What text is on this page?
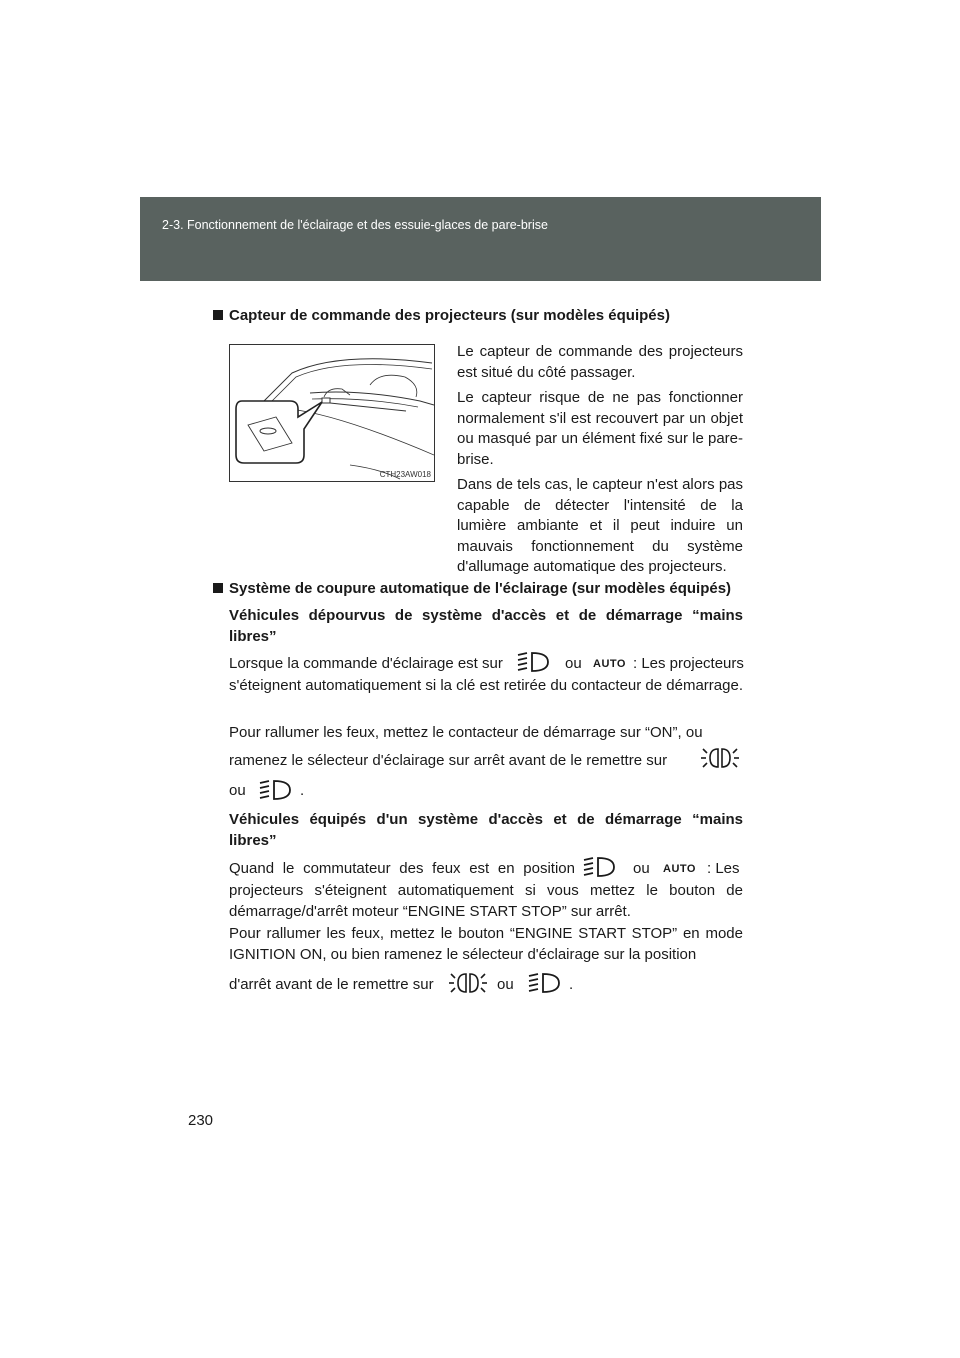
2-3. Fonctionnement de l'éclairage et des essuie-glaces de pare-brise
Capteur de commande des projecteurs (sur modèles équipés)
CTH23AW018

Le capteur de commande des projecteurs est situé du côté passager.

Le capteur risque de ne pas fonctionner normalement s'il est recouvert par un objet ou masqué par un élément fixé sur le pare-brise.

Dans de tels cas, le capteur n'est alors pas capable de détecter l'intensité de la lumière ambiante et il peut induire un mauvais fonctionnement du système d'allumage automatique des projecteurs.

Système de coupure automatique de l'éclairage (sur modèles équipés)

Véhicules dépourvus de système d'accès et de démarrage “mains libres”

Lorsque la commande d'éclairage est sur	ou AUTO : Les projecteurs

s'éteignent automatiquement si la clé est retirée du contacteur de démarrage.

Pour rallumer les feux, mettez le contacteur de démarrage sur “ON”, ou
ramenez le sélecteur d'éclairage sur arrêt avant de le remettre sur
ou	.

Véhicules équipés d'un système d'accès et de démarrage “mains libres”

Quand le commutateur des feux est en position	ou AUTO : Les

projecteurs s'éteignent automatiquement si vous mettez le bouton de démarrage/d'arrêt moteur “ENGINE START STOP” sur arrêt.

Pour rallumer les feux, mettez le bouton “ENGINE START STOP” en mode IGNITION ON, ou bien ramenez le sélecteur d'éclairage sur la position

d'arrêt avant de le remettre sur	ou	.
230
